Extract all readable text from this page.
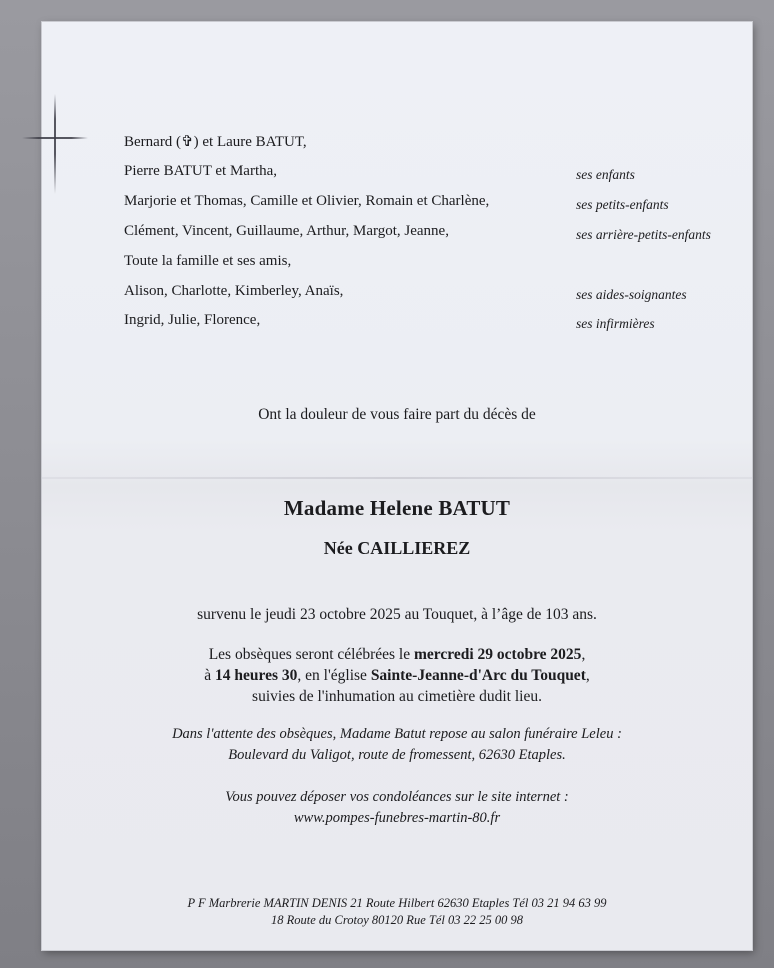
Bernard (✞) et Laure BATUT,
Pierre BATUT et Martha,	ses enfants
Marjorie et Thomas, Camille et Olivier, Romain et Charlène,	ses petits-enfants
Clément, Vincent, Guillaume, Arthur, Margot, Jeanne,	ses arrière-petits-enfants
Toute la famille et ses amis,
Alison, Charlotte, Kimberley, Anaïs,	ses aides-soignantes
Ingrid, Julie, Florence,	ses infirmières
Ont la douleur de vous faire part du décès de
Madame Helene BATUT
Née CAILLIEREZ
survenu le jeudi 23 octobre 2025 au Touquet, à l’âge de 103 ans.
Les obsèques seront célébrées le mercredi 29 octobre 2025,
à 14 heures 30, en l'église Sainte-Jeanne-d'Arc du Touquet,
suivies de l'inhumation au cimetière dudit lieu.
Dans l'attente des obsèques, Madame Batut repose au salon funéraire Leleu :
Boulevard du Valigot, route de fromessent, 62630 Etaples.
Vous pouvez déposer vos condoléances sur le site internet :
www.pompes-funebres-martin-80.fr
P F Marbrerie MARTIN DENIS 21 Route Hilbert 62630 Etaples Tél 03 21 94 63 99
18 Route du Crotoy 80120 Rue Tél 03 22 25 00 98
